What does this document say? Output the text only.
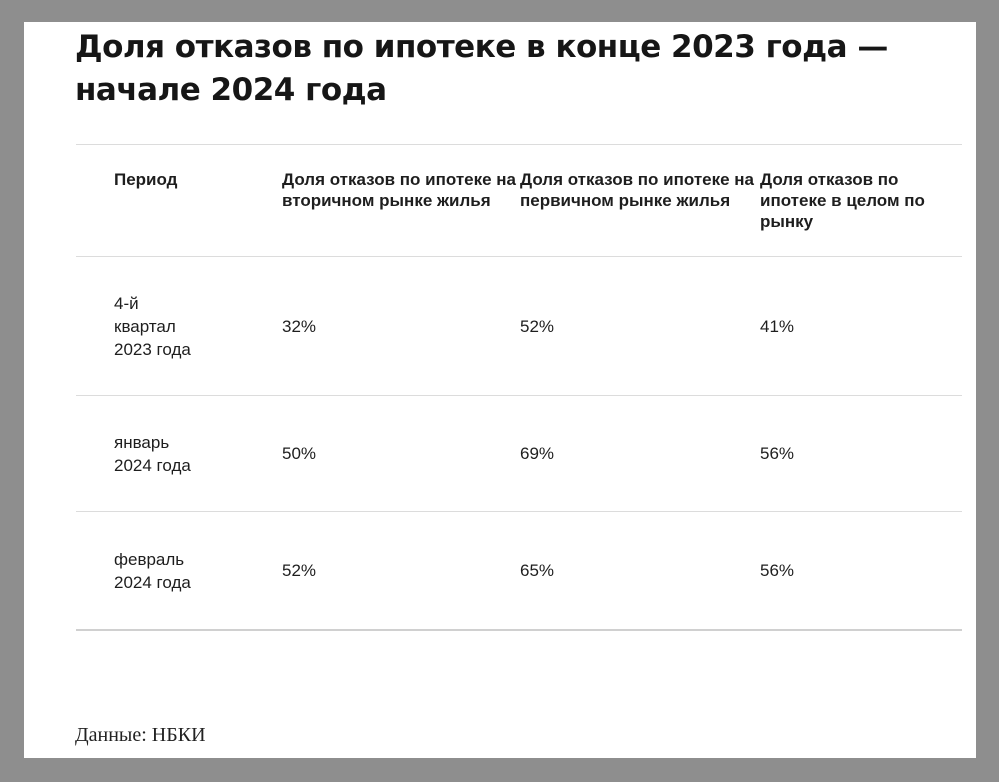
Доля отказов по ипотеке в конце 2023 года — начале 2024 года
Период	Доля отказов по ипотеке на вторичном рынке жилья	Доля отказов по ипотеке на первичном рынке жилья	Доля отказов по ипотеке в целом по рынку

4-й квартал 2023 года	32%	52%	41%

январь 2024 года	50%	69%	56%

февраль 2024 года	52%	65%	56%
Данные: НБКИ
